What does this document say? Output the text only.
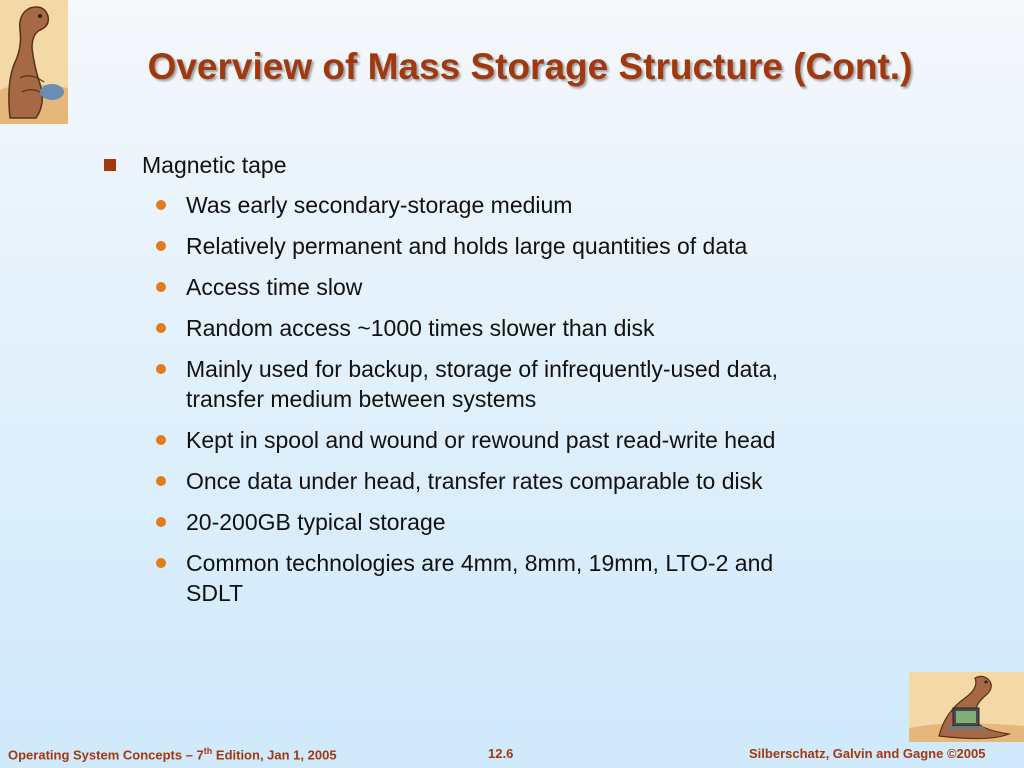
Overview of Mass Storage Structure (Cont.)
Magnetic tape
Was early secondary-storage medium
Relatively permanent and holds large quantities of data
Access time slow
Random access ~1000 times slower than disk
Mainly used for backup, storage of infrequently-used data,
transfer medium between systems
Kept in spool and wound or rewound past read-write head
Once data under head, transfer rates comparable to disk
20-200GB typical storage
Common technologies are 4mm, 8mm, 19mm, LTO-2 and
SDLT
Operating System Concepts – 7th Edition, Jan 1, 2005	12.6	Silberschatz, Galvin and Gagne ©2005
